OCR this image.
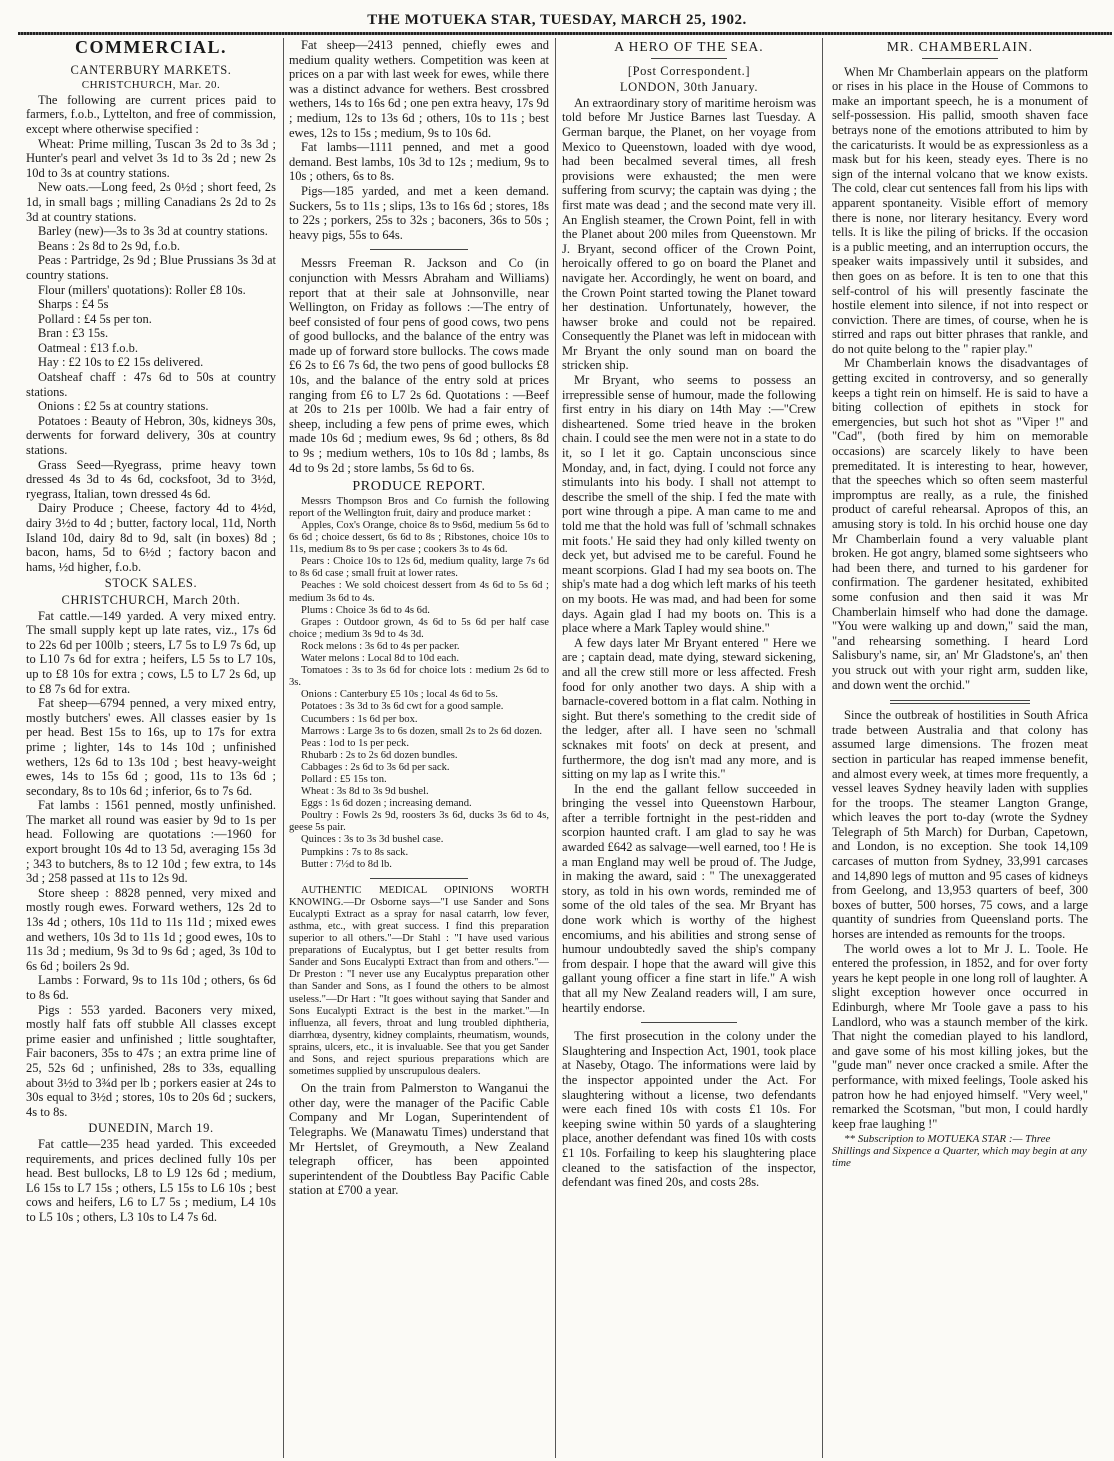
THE MOTUEKA STAR, TUESDAY, MARCH 25, 1902.

COMMERCIAL.

CANTERBURY MARKETS.

CHRISTCHURCH, Mar. 20.

The following are current prices paid to farmers, f.o.b., Lyttelton, and free of commission, except where otherwise specified :

Wheat: Prime milling, Tuscan 3s 2d to 3s 3d ; Hunter's pearl and velvet 3s 1d to 3s 2d ; new 2s 10d to 3s at country stations.

New oats.—Long feed, 2s 0½d ; short feed, 2s 1d, in small bags ; milling Canadians 2s 2d to 2s 3d at country stations.

Barley (new)—3s to 3s 3d at country stations.

Beans : 2s 8d to 2s 9d, f.o.b.

Peas : Partridge, 2s 9d ; Blue Prussians 3s 3d at country stations.

Flour (millers' quotations): Roller £8 10s.

Sharps : £4 5s

Pollard : £4 5s per ton.

Bran : £3 15s.

Oatmeal : £13 f.o.b.

Hay : £2 10s to £2 15s delivered.

Oatsheaf chaff : 47s 6d to 50s at country stations.

Onions : £2 5s at country stations.

Potatoes : Beauty of Hebron, 30s, kidneys 30s, derwents for forward delivery, 30s at country stations.

Grass Seed—Ryegrass, prime heavy town dressed 4s 3d to 4s 6d, cocksfoot, 3d to 3½d, ryegrass, Italian, town dressed 4s 6d.

Dairy Produce ; Cheese, factory 4d to 4½d, dairy 3½d to 4d ; butter, factory local, 11d, North Island 10d, dairy 8d to 9d, salt (in boxes) 8d ; bacon, hams, 5d to 6½d ; factory bacon and hams, ½d higher, f.o.b.

STOCK SALES.

CHRISTCHURCH, March 20th.

Fat cattle.—149 yarded. A very mixed entry. The small supply kept up late rates, viz., 17s 6d to 22s 6d per 100lb ; steers, L7 5s to L9 7s 6d, up to L10 7s 6d for extra ; heifers, L5 5s to L7 10s, up to £8 10s for extra ; cows, L5 to L7 2s 6d, up to £8 7s 6d for extra.

Fat sheep—6794 penned, a very mixed entry, mostly butchers' ewes. All classes easier by 1s per head. Best 15s to 16s, up to 17s for extra prime ; lighter, 14s to 14s 10d ; unfinished wethers, 12s 6d to 13s 10d ; best heavy-weight ewes, 14s to 15s 6d ; good, 11s to 13s 6d ; secondary, 8s to 10s 6d ; inferior, 6s to 7s 6d.

Fat lambs : 1561 penned, mostly unfinished. The market all round was easier by 9d to 1s per head. Following are quotations :—1960 for export brought 10s 4d to 13 5d, averaging 15s 3d ; 343 to butchers, 8s to 12 10d ; few extra, to 14s 3d ; 258 passed at 11s to 12s 9d.

Store sheep : 8828 penned, very mixed and mostly rough ewes. Forward wethers, 12s 2d to 13s 4d ; others, 10s 11d to 11s 11d ; mixed ewes and wethers, 10s 3d to 11s 1d ; good ewes, 10s to 11s 3d ; medium, 9s 3d to 9s 6d ; aged, 3s 10d to 6s 6d ; boilers 2s 9d.

Lambs : Forward, 9s to 11s 10d ; others, 6s 6d to 8s 6d.

Pigs : 553 yarded. Baconers very mixed, mostly half fats off stubble All classes except prime easier and unfinished ; little soughtafter, Fair baconers, 35s to 47s ; an extra prime line of 25, 52s 6d ; unfinished, 28s to 33s, equalling about 3½d to 3¾d per lb ; porkers easier at 24s to 30s equal to 3½d ; stores, 10s to 20s 6d ; suckers, 4s to 8s.

DUNEDIN, March 19.

Fat cattle—235 head yarded. This exceeded requirements, and prices declined fully 10s per head. Best bullocks, L8 to L9 12s 6d ; medium, L6 15s to L7 15s ; others, L5 15s to L6 10s ; best cows and heifers, L6 to L7 5s ; medium, L4 10s to L5 10s ; others, L3 10s to L4 7s 6d.

Fat sheep—2413 penned, chiefly ewes and medium quality wethers. Competition was keen at prices on a par with last week for ewes, while there was a distinct advance for wethers. Best crossbred wethers, 14s to 16s 6d ; one pen extra heavy, 17s 9d ; medium, 12s to 13s 6d ; others, 10s to 11s ; best ewes, 12s to 15s ; medium, 9s to 10s 6d.

Fat lambs—1111 penned, and met a good demand. Best lambs, 10s 3d to 12s ; medium, 9s to 10s ; others, 6s to 8s.

Pigs—185 yarded, and met a keen demand. Suckers, 5s to 11s ; slips, 13s to 16s 6d ; stores, 18s to 22s ; porkers, 25s to 32s ; baconers, 36s to 50s ; heavy pigs, 55s to 64s.

Messrs Freeman R. Jackson and Co (in conjunction with Messrs Abraham and Williams) report that at their sale at Johnsonville, near Wellington, on Friday as follows :—The entry of beef consisted of four pens of good cows, two pens of good bullocks, and the balance of the entry was made up of forward store bullocks. The cows made £6 2s to £6 7s 6d, the two pens of good bullocks £8 10s, and the balance of the entry sold at prices ranging from £6 to L7 2s 6d. Quotations : —Beef at 20s to 21s per 100lb. We had a fair entry of sheep, including a few pens of prime ewes, which made 10s 6d ; medium ewes, 9s 6d ; others, 8s 8d to 9s ; medium wethers, 10s to 10s 8d ; lambs, 8s 4d to 9s 2d ; store lambs, 5s 6d to 6s.

PRODUCE REPORT.

Messrs Thompson Bros and Co furnish the following report of the Wellington fruit, dairy and produce market :

Apples, Cox's Orange, choice 8s to 9s6d, medium 5s 6d to 6s 6d ; choice dessert, 6s 6d to 8s ; Ribstones, choice 10s to 11s, medium 8s to 9s per case ; cookers 3s to 4s 6d.

Pears : Choice 10s to 12s 6d, medium quality, large 7s 6d to 8s 6d case ; small fruit at lower rates.

Peaches : We sold choicest dessert from 4s 6d to 5s 6d ; medium 3s 6d to 4s.

Plums : Choice 3s 6d to 4s 6d.

Grapes : Outdoor grown, 4s 6d to 5s 6d per half case choice ; medium 3s 9d to 4s 3d.

Rock melons : 3s 6d to 4s per packer.

Water melons : Local 8d to 10d each.

Tomatoes : 3s to 3s 6d for choice lots : medium 2s 6d to 3s.

Onions : Canterbury £5 10s ; local 4s 6d to 5s.

Potatoes : 3s 3d to 3s 6d cwt for a good sample.

Cucumbers : 1s 6d per box.

Marrows : Large 3s to 6s dozen, small 2s to 2s 6d dozen.

Peas : 1od to 1s per peck.

Rhubarb : 2s to 2s 6d dozen bundles.

Cabbages : 2s 6d to 3s 6d per sack.

Pollard : £5 15s ton.

Wheat : 3s 8d to 3s 9d bushel.

Eggs : 1s 6d dozen ; increasing demand.

Poultry : Fowls 2s 9d, roosters 3s 6d, ducks 3s 6d to 4s, geese 5s pair.

Quinces : 3s to 3s 3d bushel case.

Pumpkins : 7s to 8s sack.

Butter : 7½d to 8d lb.

AUTHENTIC MEDICAL OPINIONS WORTH KNOWING.—Dr Osborne says—"I use Sander and Sons Eucalypti Extract as a spray for nasal catarrh, low fever, asthma, etc., with great success. I find this preparation superior to all others."—Dr Stahl : "I have used various preparations of Eucalyptus, but I get better results from Sander and Sons Eucalypti Extract than from and others."—Dr Preston : "I never use any Eucalyptus preparation other than Sander and Sons, as I found the others to be almost useless."—Dr Hart : "It goes without saying that Sander and Sons Eucalypti Extract is the best in the market."—In influenza, all fevers, throat and lung troubled diphtheria, diarrhœa, dysentry, kidney complaints, rheumatism, wounds, sprains, ulcers, etc., it is invaluable. See that you get Sander and Sons, and reject spurious preparations which are sometimes supplied by unscrupulous dealers.

On the train from Palmerston to Wanganui the other day, were the manager of the Pacific Cable Company and Mr Logan, Superintendent of Telegraphs. We (Manawatu Times) understand that Mr Hertslet, of Greymouth, a New Zealand telegraph officer, has been appointed superintendent of the Doubtless Bay Pacific Cable station at £700 a year.

A HERO OF THE SEA.

[Post Correspondent.]

LONDON, 30th January.

An extraordinary story of maritime heroism was told before Mr Justice Barnes last Tuesday. A German barque, the Planet, on her voyage from Mexico to Queenstown, loaded with dye wood, had been becalmed several times, all fresh provisions were exhausted; the men were suffering from scurvy; the captain was dying ; the first mate was dead ; and the second mate very ill. An English steamer, the Crown Point, fell in with the Planet about 200 miles from Queenstown. Mr J. Bryant, second officer of the Crown Point, heroically offered to go on board the Planet and navigate her. Accordingly, he went on board, and the Crown Point started towing the Planet toward her destination. Unfortunately, however, the hawser broke and could not be repaired. Consequently the Planet was left in midocean with Mr Bryant the only sound man on board the stricken ship.

Mr Bryant, who seems to possess an irrepressible sense of humour, made the following first entry in his diary on 14th May :—"Crew disheartened. Some tried heave in the broken chain. I could see the men were not in a state to do it, so I let it go. Captain unconscious since Monday, and, in fact, dying. I could not force any stimulants into his body. I shall not attempt to describe the smell of the ship. I fed the mate with port wine through a pipe. A man came to me and told me that the hold was full of 'schmall schnakes mit foots.' He said they had only killed twenty on deck yet, but advised me to be careful. Found he meant scorpions. Glad I had my sea boots on. The ship's mate had a dog which left marks of his teeth on my boots. He was mad, and had been for some days. Again glad I had my boots on. This is a place where a Mark Tapley would shine."

A few days later Mr Bryant entered " Here we are ; captain dead, mate dying, steward sickening, and all the crew still more or less affected. Fresh food for only another two days. A ship with a barnacle-covered bottom in a flat calm. Nothing in sight. But there's something to the credit side of the ledger, after all. I have seen no 'schmall scknakes mit foots' on deck at present, and furthermore, the dog isn't mad any more, and is sitting on my lap as I write this."

In the end the gallant fellow succeeded in bringing the vessel into Queenstown Harbour, after a terrible fortnight in the pest-ridden and scorpion haunted craft. I am glad to say he was awarded £642 as salvage—well earned, too ! He is a man England may well be proud of. The Judge, in making the award, said : " The unexaggerated story, as told in his own words, reminded me of some of the old tales of the sea. Mr Bryant has done work which is worthy of the highest encomiums, and his abilities and strong sense of humour undoubtedly saved the ship's company from despair. I hope that the award will give this gallant young officer a fine start in life." A wish that all my New Zealand readers will, I am sure, heartily endorse.

The first prosecution in the colony under the Slaughtering and Inspection Act, 1901, took place at Naseby, Otago. The informations were laid by the inspector appointed under the Act. For slaughtering without a license, two defendants were each fined 10s with costs £1 10s. For keeping swine within 50 yards of a slaughtering place, another defendant was fined 10s with costs £1 10s. Forfailing to keep his slaughtering place cleaned to the satisfaction of the inspector, defendant was fined 20s, and costs 28s.

MR. CHAMBERLAIN.

When Mr Chamberlain appears on the platform or rises in his place in the House of Commons to make an important speech, he is a monument of self-possession. His pallid, smooth shaven face betrays none of the emotions attributed to him by the caricaturists. It would be as expressionless as a mask but for his keen, steady eyes. There is no sign of the internal volcano that we know exists. The cold, clear cut sentences fall from his lips with apparent spontaneity. Visible effort of memory there is none, nor literary hesitancy. Every word tells. It is like the piling of bricks. If the occasion is a public meeting, and an interruption occurs, the speaker waits impassively until it subsides, and then goes on as before. It is ten to one that this self-control of his will presently fascinate the hostile element into silence, if not into respect or conviction. There are times, of course, when he is stirred and raps out bitter phrases that rankle, and do not quite belong to the " rapier play."

Mr Chamberlain knows the disadvantages of getting excited in controversy, and so generally keeps a tight rein on himself. He is said to have a biting collection of epithets in stock for emergencies, but such hot shot as "Viper !" and "Cad", (both fired by him on memorable occasions) are scarcely likely to have been premeditated. It is interesting to hear, however, that the speeches which so often seem masterful impromptus are really, as a rule, the finished product of careful rehearsal. Apropos of this, an amusing story is told. In his orchid house one day Mr Chamberlain found a very valuable plant broken. He got angry, blamed some sightseers who had been there, and turned to his gardener for confirmation. The gardener hesitated, exhibited some confusion and then said it was Mr Chamberlain himself who had done the damage. "You were walking up and down," said the man, "and rehearsing something. I heard Lord Salisbury's name, sir, an' Mr Gladstone's, an' then you struck out with your right arm, sudden like, and down went the orchid."

Since the outbreak of hostilities in South Africa trade between Australia and that colony has assumed large dimensions. The frozen meat section in particular has reaped immense benefit, and almost every week, at times more frequently, a vessel leaves Sydney heavily laden with supplies for the troops. The steamer Langton Grange, which leaves the port to-day (wrote the Sydney Telegraph of 5th March) for Durban, Capetown, and London, is no exception. She took 14,109 carcases of mutton from Sydney, 33,991 carcases and 14,890 legs of mutton and 95 cases of kidneys from Geelong, and 13,953 quarters of beef, 300 boxes of butter, 500 horses, 75 cows, and a large quantity of sundries from Queensland ports. The horses are intended as remounts for the troops.

The world owes a lot to Mr J. L. Toole. He entered the profession, in 1852, and for over forty years he kept people in one long roll of laughter. A slight exception however once occurred in Edinburgh, where Mr Toole gave a pass to his Landlord, who was a staunch member of the kirk. That night the comedian played to his landlord, and gave some of his most killing jokes, but the "gude man" never once cracked a smile. After the performance, with mixed feelings, Toole asked his patron how he had enjoyed himself. "Very weel," remarked the Scotsman, "but mon, I could hardly keep frae laughing !"

** Subscription to MOTUEKA STAR :— Three Shillings and Sixpence a Quarter, which may begin at any time
